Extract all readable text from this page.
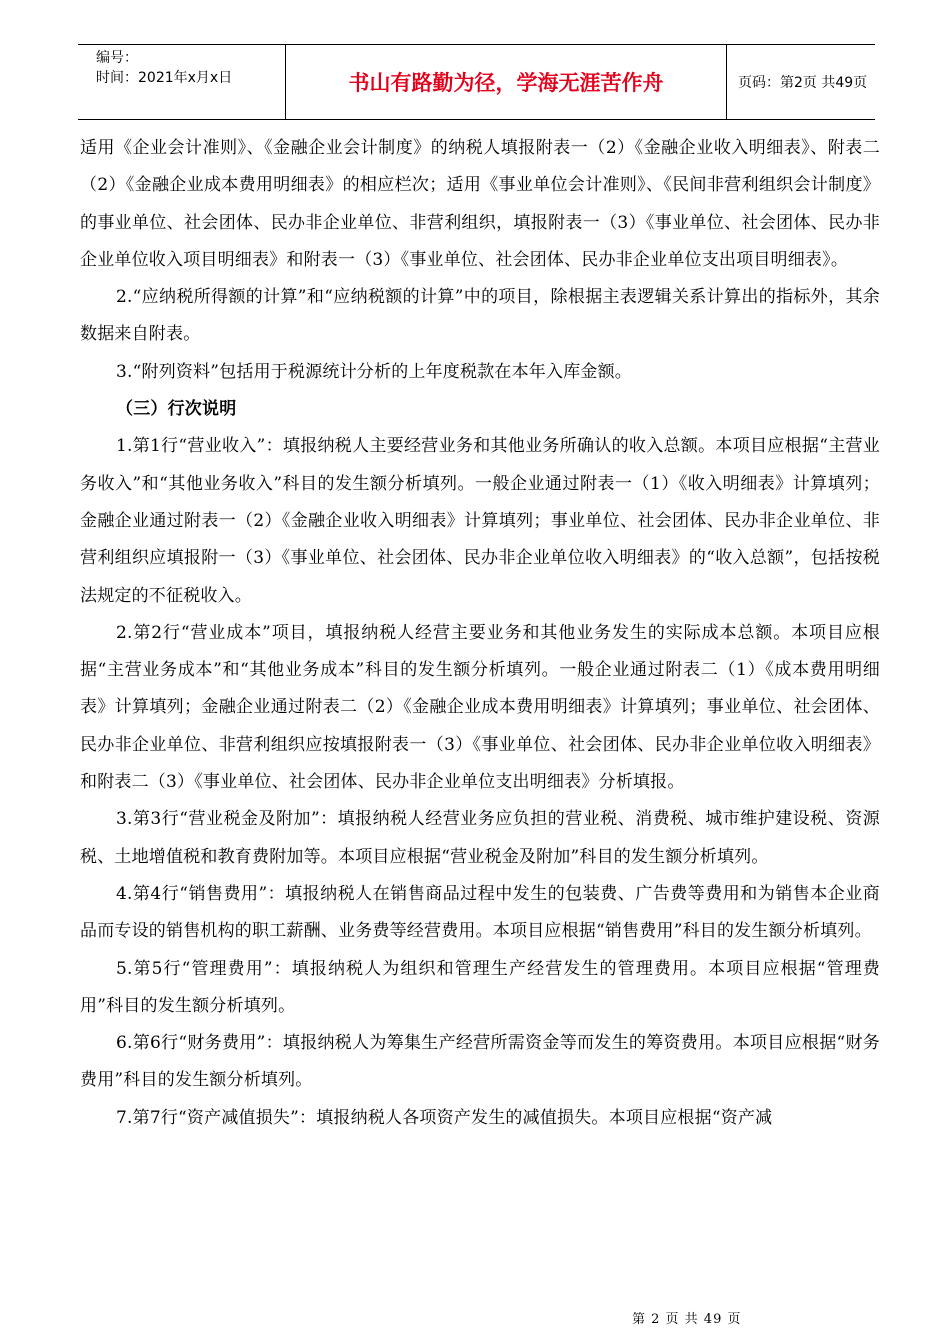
编号：
时间：2021年x月x日	书山有路勤为径，学海无涯苦作舟	页码：第2页 共49页

适用《企业会计准则》、《金融企业会计制度》的纳税人填报附表一（2）《金融企业收入明细表》、附表二（2）《金融企业成本费用明细表》的相应栏次；适用《事业单位会计准则》、《民间非营利组织会计制度》的事业单位、社会团体、民办非企业单位、非营利组织，填报附表一（3）《事业单位、社会团体、民办非企业单位收入项目明细表》和附表一（3）《事业单位、社会团体、民办非企业单位支出项目明细表》。

2.“应纳税所得额的计算”和“应纳税额的计算”中的项目，除根据主表逻辑关系计算出的指标外，其余数据来自附表。

3.“附列资料”包括用于税源统计分析的上年度税款在本年入库金额。

（三）行次说明

1.第1行“营业收入”：填报纳税人主要经营业务和其他业务所确认的收入总额。本项目应根据“主营业务收入”和“其他业务收入”科目的发生额分析填列。一般企业通过附表一（1）《收入明细表》计算填列；金融企业通过附表一（2）《金融企业收入明细表》计算填列；事业单位、社会团体、民办非企业单位、非营利组织应填报附一（3）《事业单位、社会团体、民办非企业单位收入明细表》的“收入总额”，包括按税法规定的不征税收入。

2.第2行“营业成本”项目，填报纳税人经营主要业务和其他业务发生的实际成本总额。本项目应根据“主营业务成本”和“其他业务成本”科目的发生额分析填列。一般企业通过附表二（1）《成本费用明细表》计算填列；金融企业通过附表二（2）《金融企业成本费用明细表》计算填列；事业单位、社会团体、民办非企业单位、非营利组织应按填报附表一（3）《事业单位、社会团体、民办非企业单位收入明细表》和附表二（3）《事业单位、社会团体、民办非企业单位支出明细表》分析填报。

3.第3行“营业税金及附加”：填报纳税人经营业务应负担的营业税、消费税、城市维护建设税、资源税、土地增值税和教育费附加等。本项目应根据“营业税金及附加”科目的发生额分析填列。

4.第4行“销售费用”：填报纳税人在销售商品过程中发生的包装费、广告费等费用和为销售本企业商品而专设的销售机构的职工薪酬、业务费等经营费用。本项目应根据“销售费用”科目的发生额分析填列。

5.第5行“管理费用”：填报纳税人为组织和管理生产经营发生的管理费用。本项目应根据“管理费用”科目的发生额分析填列。

6.第6行“财务费用”：填报纳税人为筹集生产经营所需资金等而发生的筹资费用。本项目应根据“财务费用”科目的发生额分析填列。

7.第7行“资产减值损失”：填报纳税人各项资产发生的减值损失。本项目应根据“资产减

第 2 页 共 49 页
